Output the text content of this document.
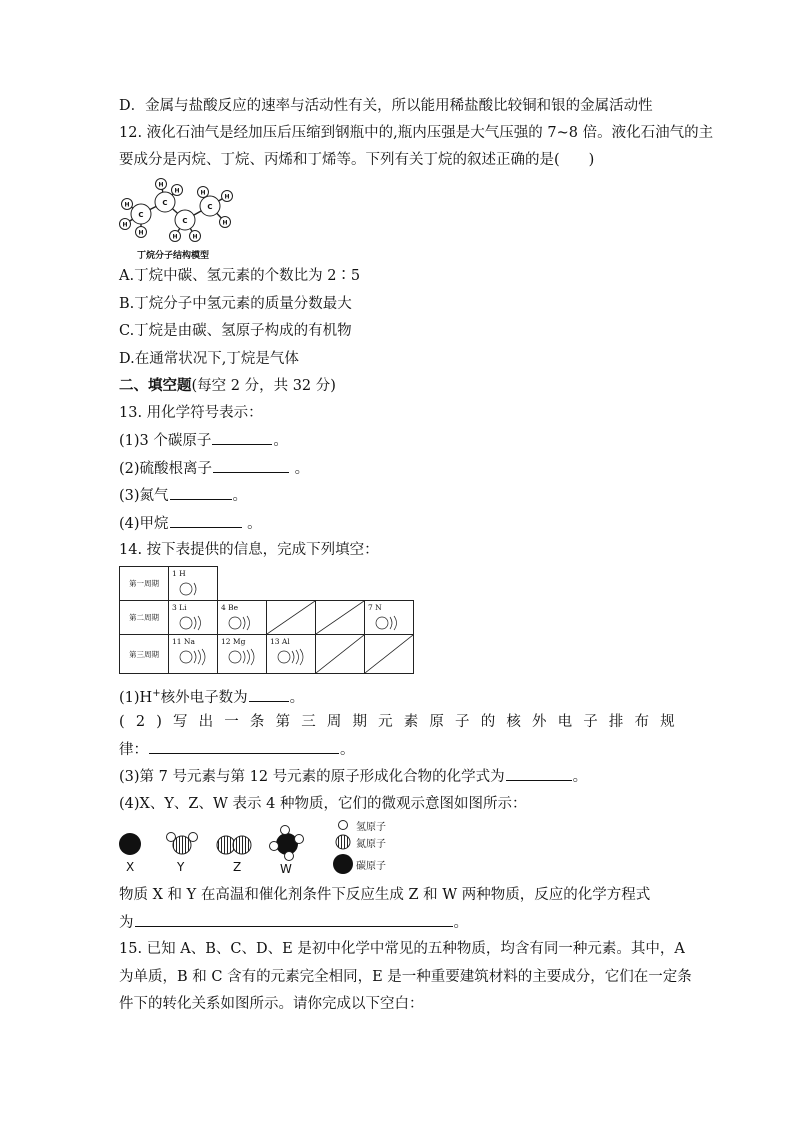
D．金属与盐酸反应的速率与活动性有关，所以能用稀盐酸比较铜和银的金属活动性
12. 液化石油气是经加压后压缩到钢瓶中的,瓶内压强是大气压强的 7~8 倍。液化石油气的主
要成分是丙烷、丁烷、丙烯和丁烯等。下列有关丁烷的叙述正确的是(　　)
C
C
C
C
H
H
H
H
H
H H
H
H
H
丁烷分子结构模型
A.丁烷中碳、氢元素的个数比为 2∶5
B.丁烷分子中氢元素的质量分数最大
C.丁烷是由碳、氢原子构成的有机物
D.在通常状况下,丁烷是气体
二、填空题(每空 2 分，共 32 分)
13. 用化学符号表示：
(1)3 个碳原子	。
(2)硫酸根离子	。
(3)氮气	。
(4)甲烷	。
14. 按下表提供的信息，完成下列填空：
第一周期	1 H				

第二周期	3 Li	4 Be			7 N

第三周期	11 Na	12 Mg	13 Al

(1)H+核外电子数为	。
( 2 ) 写 出 一 条 第 三 周 期 元 素 原 子 的 核 外 电 子 排 布 规
律：	。
(3)第 7 号元素与第 12 号元素的原子形成化合物的化学式为	。
(4)X、Y、Z、W 表示 4 种物质，它们的微观示意图如图所示：
X	Y	Z	W
氢原子
氮原子
碳原子
物质 X 和 Y 在高温和催化剂条件下反应生成 Z 和 W 两种物质，反应的化学方程式
为	。
15. 已知 A、B、C、D、E 是初中化学中常见的五种物质，均含有同一种元素。其中，A
为单质，B 和 C 含有的元素完全相同，E 是一种重要建筑材料的主要成分，它们在一定条
件下的转化关系如图所示。请你完成以下空白：
